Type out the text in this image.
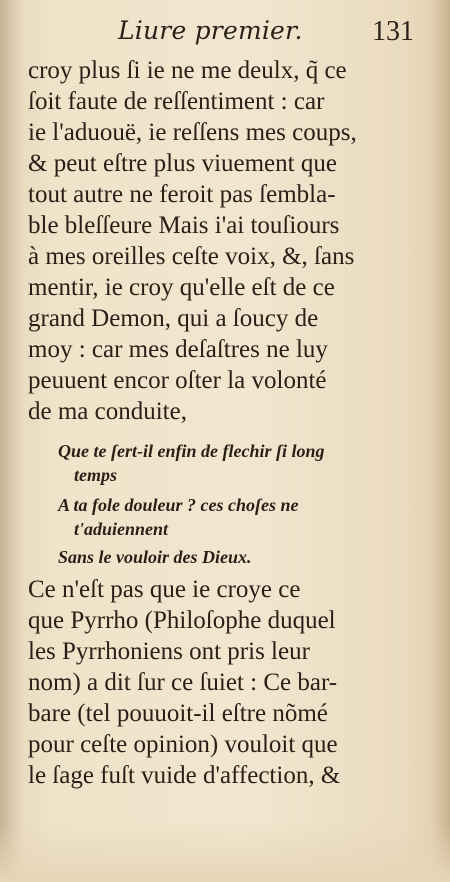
Liure premier. 131
croy plus ſi ie ne me deulx, q̃ ce
ſoit faute de reſſentiment : car
ie l'aduouë, ie reſſens mes coups,
& peut eſtre plus viuement que
tout autre ne feroit pas ſembla-
ble bleſſeure Mais i'ai touſiours
à mes oreilles ceſte voix, &, ſans
mentir, ie croy qu'elle eſt de ce
grand Demon, qui a ſoucy de
moy : car mes deſaſtres ne luy
peuuent encor oſter la volonté
de ma conduite,
Que te ſert-il enfin de flechir ſi long
temps
A ta fole douleur ? ces choſes ne
t'aduiennent
Sans le vouloir des Dieux.
Ce n'eſt pas que ie croye ce
que Pyrrho (Philoſophe duquel
les Pyrrhoniens ont pris leur
nom) a dit ſur ce ſuiet : Ce bar-
bare (tel pouuoit-il eſtre nõmé
pour ceſte opinion) vouloit que
le ſage fuſt vuide d'affection, &
